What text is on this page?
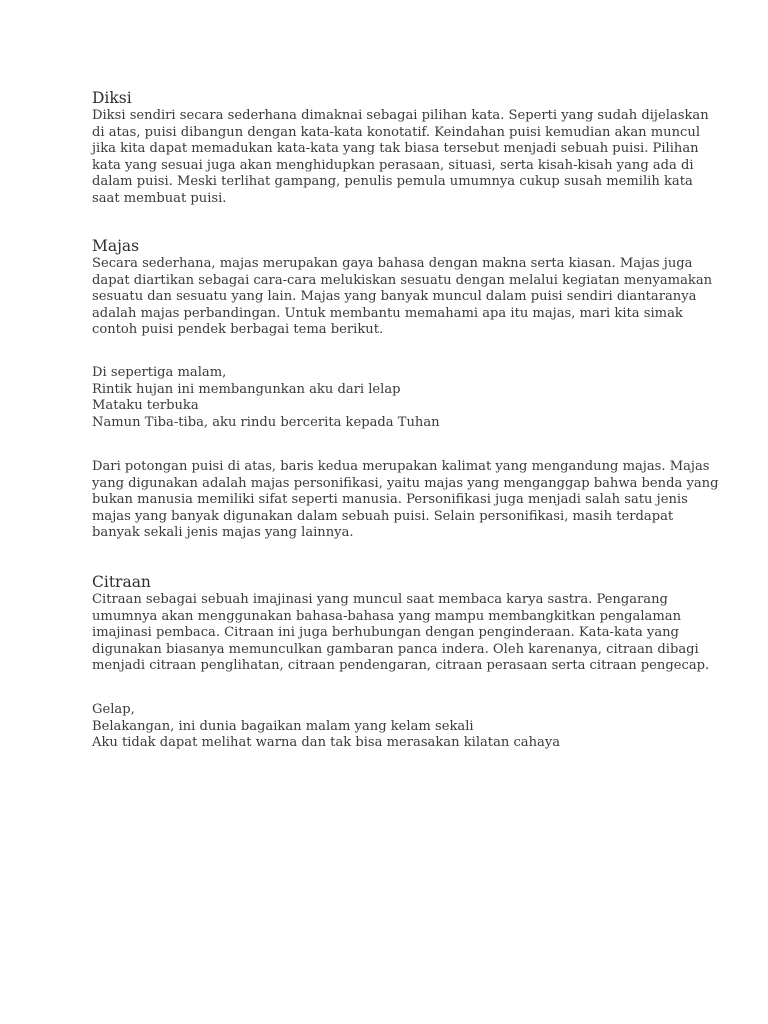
Diksi
Diksi sendiri secara sederhana dimaknai sebagai pilihan kata. Seperti yang sudah dijelaskan
di atas, puisi dibangun dengan kata-kata konotatif. Keindahan puisi kemudian akan muncul
jika kita dapat memadukan kata-kata yang tak biasa tersebut menjadi sebuah puisi. Pilihan
kata yang sesuai juga akan menghidupkan perasaan, situasi, serta kisah-kisah yang ada di
dalam puisi. Meski terlihat gampang, penulis pemula umumnya cukup susah memilih kata
saat membuat puisi.
Majas
Secara sederhana, majas merupakan gaya bahasa dengan makna serta kiasan. Majas juga
dapat diartikan sebagai cara-cara melukiskan sesuatu dengan melalui kegiatan menyamakan
sesuatu dan sesuatu yang lain. Majas yang banyak muncul dalam puisi sendiri diantaranya
adalah majas perbandingan. Untuk membantu memahami apa itu majas, mari kita simak
contoh puisi pendek berbagai tema berikut.
Di sepertiga malam,
Rintik hujan ini membangunkan aku dari lelap
Mataku terbuka
Namun Tiba-tiba, aku rindu bercerita kepada Tuhan
Dari potongan puisi di atas, baris kedua merupakan kalimat yang mengandung majas. Majas
yang digunakan adalah majas personifikasi, yaitu majas yang menganggap bahwa benda yang
bukan manusia memiliki sifat seperti manusia. Personifikasi juga menjadi salah satu jenis
majas yang banyak digunakan dalam sebuah puisi. Selain personifikasi, masih terdapat
banyak sekali jenis majas yang lainnya.
Citraan
Citraan sebagai sebuah imajinasi yang muncul saat membaca karya sastra. Pengarang
umumnya akan menggunakan bahasa-bahasa yang mampu membangkitkan pengalaman
imajinasi pembaca. Citraan ini juga berhubungan dengan penginderaan. Kata-kata yang
digunakan biasanya memunculkan gambaran panca indera. Oleh karenanya, citraan dibagi
menjadi citraan penglihatan, citraan pendengaran, citraan perasaan serta citraan pengecap.
Gelap,
Belakangan, ini dunia bagaikan malam yang kelam sekali
Aku tidak dapat melihat warna dan tak bisa merasakan kilatan cahaya
